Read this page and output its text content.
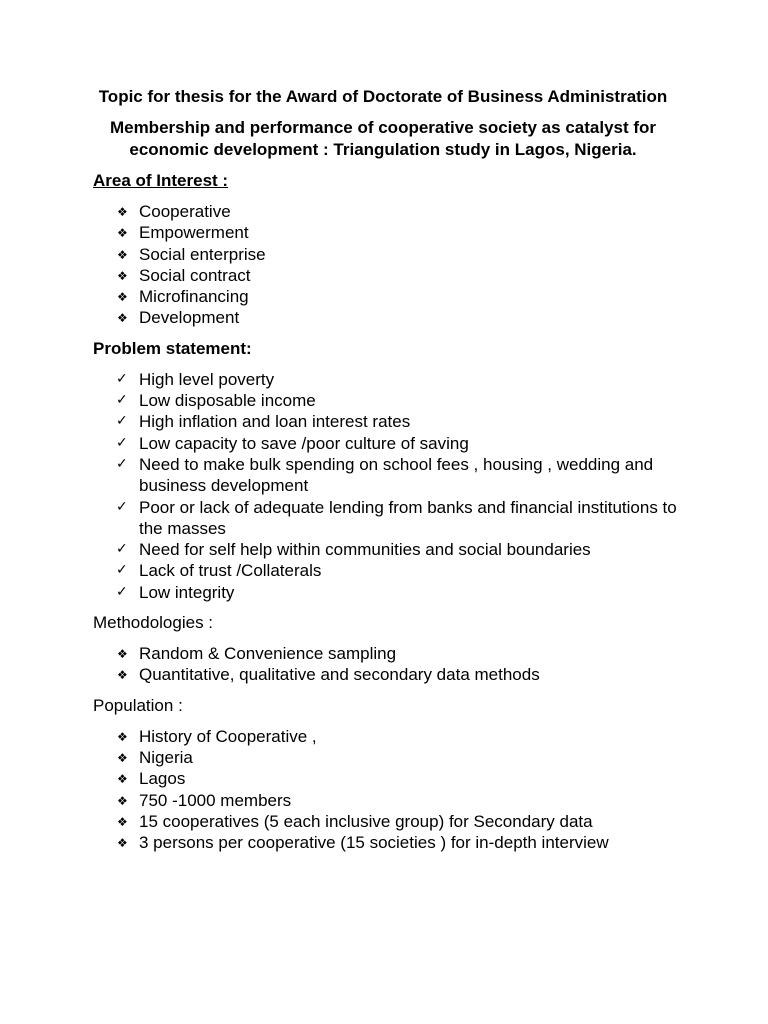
Topic for thesis for the Award of Doctorate of Business Administration

Membership and performance of cooperative society as catalyst for economic development : Triangulation study in Lagos, Nigeria.

Area of Interest :

❖ Cooperative
❖ Empowerment
❖ Social enterprise
❖ Social contract
❖ Microfinancing
❖ Development

Problem statement:

✓ High level poverty
✓ Low disposable income
✓ High inflation and loan interest rates
✓ Low capacity to save /poor culture of saving
✓ Need to make bulk spending on school fees , housing , wedding and business development
✓ Poor or lack of adequate lending from banks and financial institutions to the masses
✓ Need for self help within communities and social boundaries
✓ Lack of trust /Collaterals
✓ Low integrity

Methodologies :

❖ Random & Convenience sampling
❖ Quantitative, qualitative and secondary data methods

Population :

❖ History of Cooperative ,
❖ Nigeria
❖ Lagos
❖ 750 -1000 members
❖ 15 cooperatives (5 each inclusive group) for Secondary data
❖ 3 persons per cooperative (15 societies ) for in-depth interview
